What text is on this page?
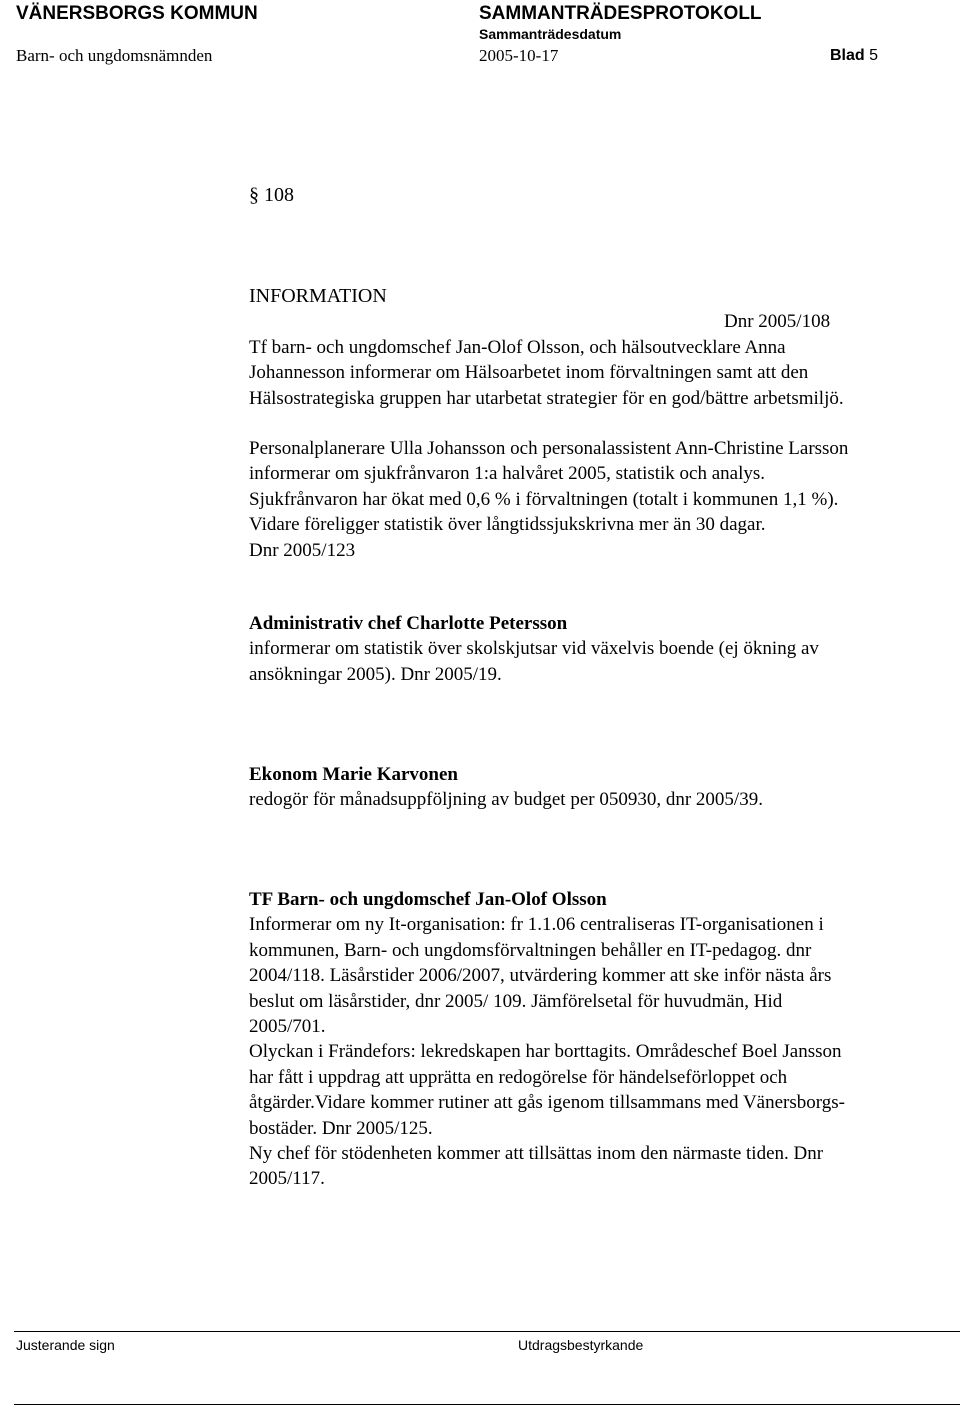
VÄNERSBORGS KOMMUN	SAMMANTRÄDESPROTOKOLL
Sammanträdesdatum
Barn- och ungdomsnämnden	2005-10-17	Blad 5
§ 108
INFORMATION
Dnr 2005/108
Tf barn- och ungdomschef Jan-Olof Olsson, och hälsoutvecklare Anna
Johannesson informerar om Hälsoarbetet inom förvaltningen samt att den
Hälsostrategiska gruppen har utarbetat strategier för en god/bättre arbetsmiljö.
Personalplanerare Ulla Johansson och personalassistent Ann-Christine Larsson
informerar om sjukfrånvaron 1:a halvåret 2005, statistik och analys.
Sjukfrånvaron har ökat med 0,6 % i förvaltningen (totalt i kommunen 1,1 %).
Vidare föreligger statistik över långtidssjukskrivna mer än 30 dagar.
Dnr 2005/123
Administrativ chef Charlotte Petersson
informerar om statistik över skolskjutsar vid växelvis boende (ej ökning av
ansökningar 2005). Dnr 2005/19.
Ekonom Marie Karvonen
redogör för månadsuppföljning av budget per 050930, dnr 2005/39.
TF Barn- och ungdomschef Jan-Olof Olsson
Informerar om ny It-organisation: fr 1.1.06 centraliseras IT-organisationen i
kommunen, Barn- och ungdomsförvaltningen behåller en IT-pedagog. dnr
2004/118. Läsårstider 2006/2007, utvärdering kommer att ske inför nästa års
beslut om läsårstider, dnr 2005/ 109. Jämförelsetal för huvudmän, Hid
2005/701.
Olyckan i Frändefors: lekredskapen har borttagits. Områdeschef Boel Jansson
har fått i uppdrag att upprätta en redogörelse för händelseförloppet och
åtgärder.Vidare kommer rutiner att gås igenom tillsammans med Vänersborgs-
bostäder. Dnr 2005/125.
Ny chef för stödenheten kommer att tillsättas inom den närmaste tiden. Dnr
2005/117.
Justerande sign	Utdragsbestyrkande
